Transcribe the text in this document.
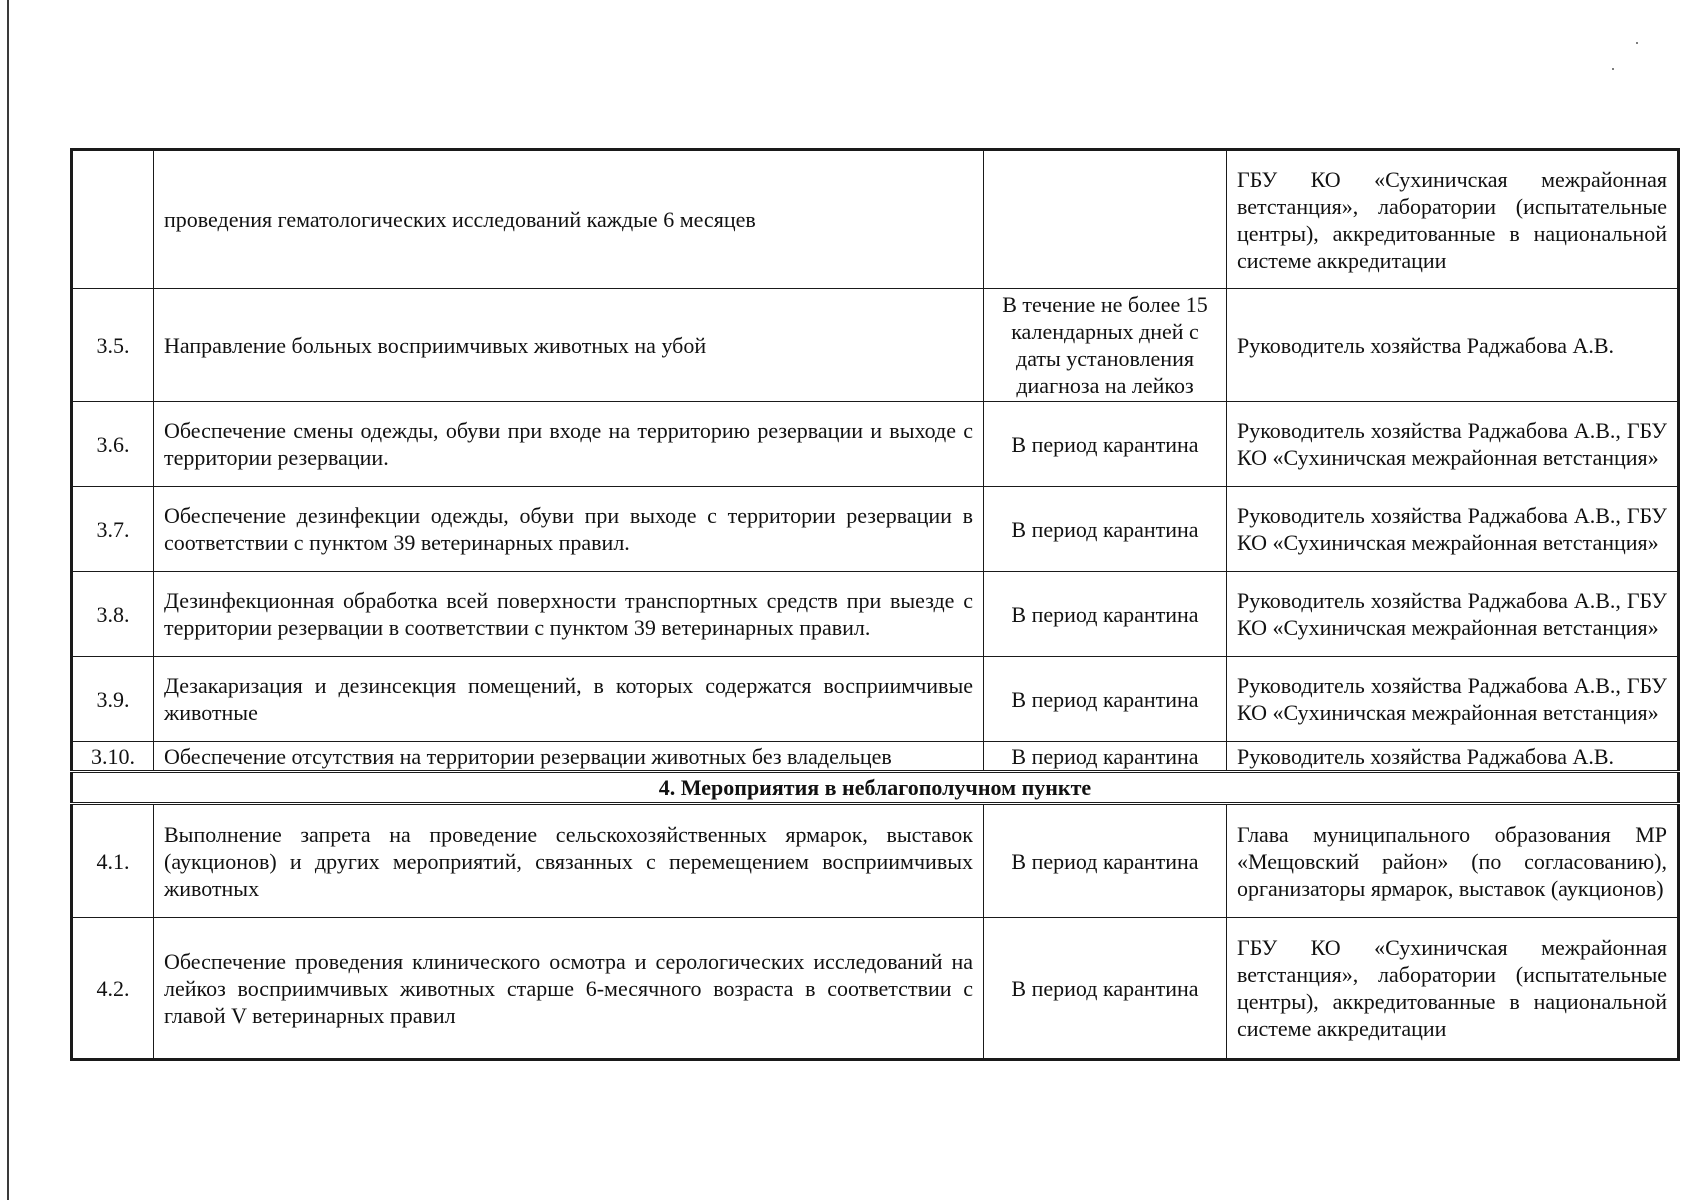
	проведения гематологических исследований каждые 6 месяцев		ГБУ КО «Сухиничская межрайонная ветстанция», лаборатории (испытательные центры), аккредитованные в национальной системе аккредитации
3.5.	Направление больных восприимчивых животных на убой	В течение не более 15 календарных дней с даты установления диагноза на лейкоз	Руководитель хозяйства Раджабова А.В.
3.6.	Обеспечение смены одежды, обуви при входе на территорию резервации и выходе с территории резервации.	В период карантина	Руководитель хозяйства Раджабова А.В., ГБУ КО «Сухиничская межрайонная ветстанция»
3.7.	Обеспечение дезинфекции одежды, обуви при выходе с территории резервации в соответствии с пунктом 39 ветеринарных правил.	В период карантина	Руководитель хозяйства Раджабова А.В., ГБУ КО «Сухиничская межрайонная ветстанция»
3.8.	Дезинфекционная обработка всей поверхности транспортных средств при выезде с территории резервации в соответствии с пунктом 39 ветеринарных правил.	В период карантина	Руководитель хозяйства Раджабова А.В., ГБУ КО «Сухиничская межрайонная ветстанция»
3.9.	Дезакаризация и дезинсекция помещений, в которых содержатся восприимчивые животные	В период карантина	Руководитель хозяйства Раджабова А.В., ГБУ КО «Сухиничская межрайонная ветстанция»
3.10.	Обеспечение отсутствия на территории резервации животных без владельцев	В период карантина	Руководитель хозяйства Раджабова А.В.
4. Мероприятия в неблагополучном пункте			
4.1.	Выполнение запрета на проведение сельскохозяйственных ярмарок, выставок (аукционов) и других мероприятий, связанных с перемещением восприимчивых животных	В период карантина	Глава муниципального образования МР «Мещовский район» (по согласованию), организаторы ярмарок, выставок (аукционов)
4.2.	Обеспечение проведения клинического осмотра и серологических исследований на лейкоз восприимчивых животных старше 6-месячного возраста в соответствии с главой V ветеринарных правил	В период карантина	ГБУ КО «Сухиничская межрайонная ветстанция», лаборатории (испытательные центры), аккредитованные в национальной системе аккредитации
